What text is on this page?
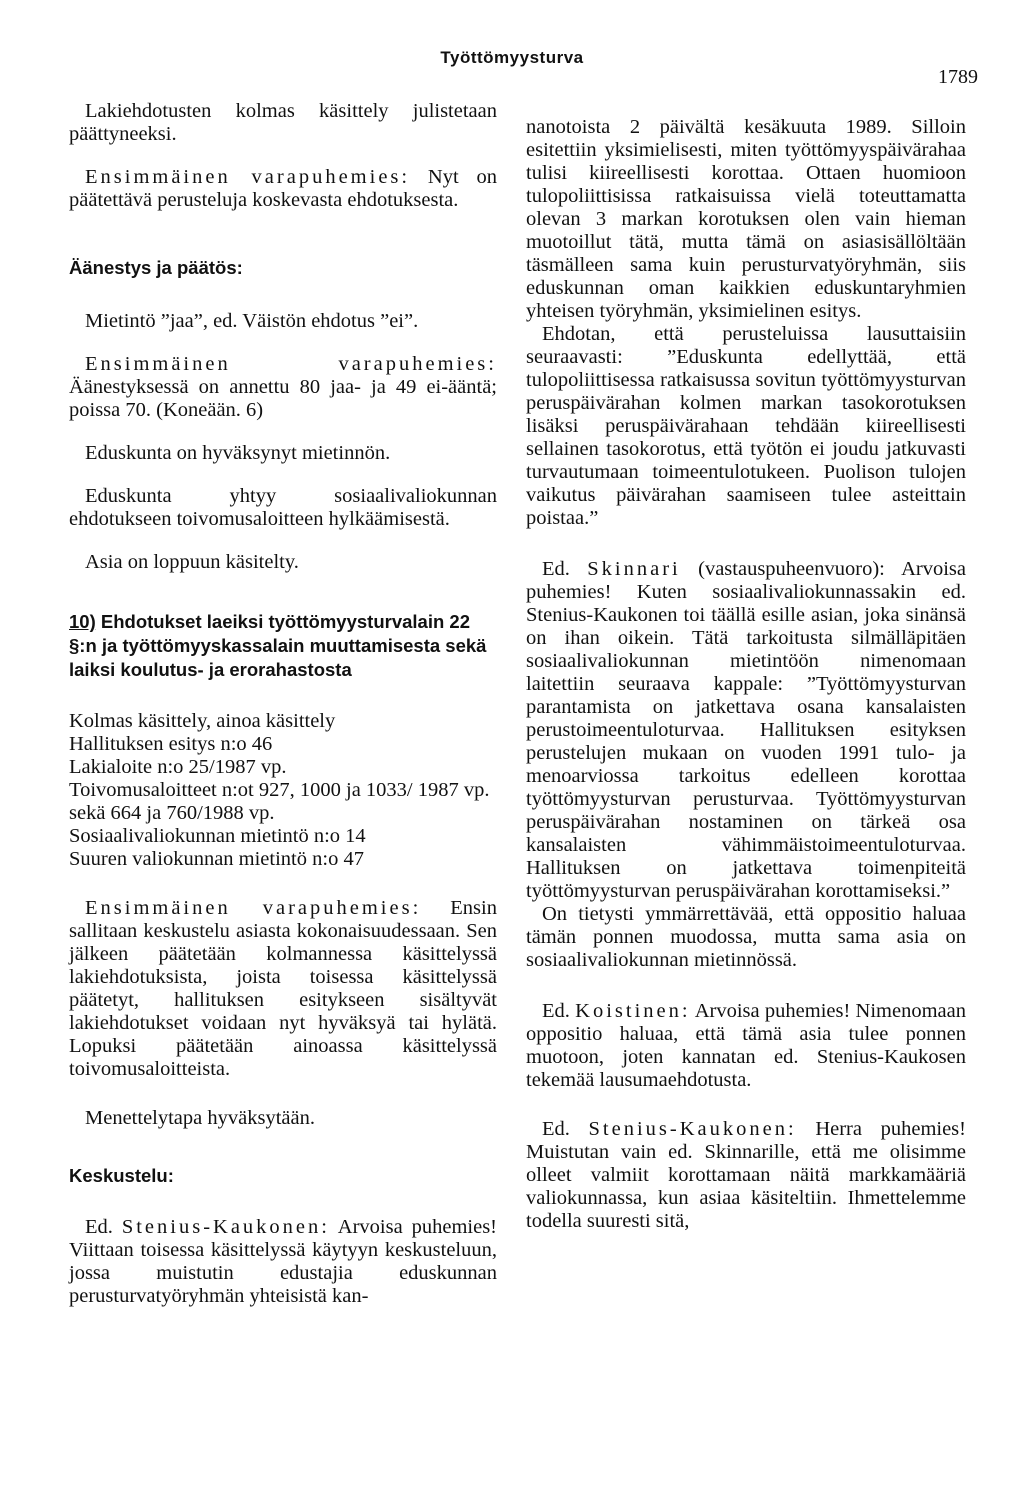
Työttömyysturva
1789

Lakiehdotusten kolmas käsittely julistetaan päättyneeksi.

Ensimmäinen varapuhemies: Nyt on päätettävä perusteluja koskevasta ehdotuksesta.

Äänestys ja päätös:

Mietintö ”jaa”, ed. Väistön ehdotus ”ei”.

Ensimmäinen varapuhemies: Äänestyksessä on annettu 80 jaa- ja 49 ei-ääntä; poissa 70. (Koneään. 6)

Eduskunta on hyväksynyt mietinnön.

Eduskunta yhtyy sosiaalivaliokunnan ehdotukseen toivomusaloitteen hylkäämisestä.

Asia on loppuun käsitelty.

10) Ehdotukset laeiksi työttömyysturvalain 22 §:n ja työttömyyskassalain muuttamisesta sekä laiksi koulutus- ja erorahastosta

Kolmas käsittely, ainoa käsittely
Hallituksen esitys n:o 46
Lakialoite n:o 25/1987 vp.
Toivomusaloitteet n:ot 927, 1000 ja 1033/ 1987 vp. sekä 664 ja 760/1988 vp.
Sosiaalivaliokunnan mietintö n:o 14
Suuren valiokunnan mietintö n:o 47

Ensimmäinen varapuhemies: Ensin sallitaan keskustelu asiasta kokonaisuudessaan. Sen jälkeen päätetään kolmannessa käsittelyssä lakiehdotuksista, joista toisessa käsittelyssä päätetyt, hallituksen esitykseen sisältyvät lakiehdotukset voidaan nyt hyväksyä tai hylätä. Lopuksi päätetään ainoassa käsittelyssä toivomusaloitteista.

Menettelytapa hyväksytään.

Keskustelu:

Ed. Stenius-Kaukonen: Arvoisa puhemies! Viittaan toisessa käsittelyssä käytyyn keskusteluun, jossa muistutin edustajia eduskunnan perusturvatyöryhmän yhteisistä kan-

nanotoista 2 päivältä kesäkuuta 1989. Silloin esitettiin yksimielisesti, miten työttömyyspäivärahaa tulisi kiireellisesti korottaa. Ottaen huomioon tulopoliittisissa ratkaisuissa vielä toteuttamatta olevan 3 markan korotuksen olen vain hieman muotoillut tätä, mutta tämä on asiasisällöltään täsmälleen sama kuin perusturvatyöryhmän, siis eduskunnan oman kaikkien eduskuntaryhmien yhteisen työryhmän, yksimielinen esitys.

Ehdotan, että perusteluissa lausuttaisiin seuraavasti: ”Eduskunta edellyttää, että tulopoliittisessa ratkaisussa sovitun työttömyysturvan peruspäivärahan kolmen markan tasokorotuksen lisäksi peruspäivärahaan tehdään kiireellisesti sellainen tasokorotus, että työtön ei joudu jatkuvasti turvautumaan toimeentulotukeen. Puolison tulojen vaikutus päivärahan saamiseen tulee asteittain poistaa.”

Ed. Skinnari (vastauspuheenvuoro): Arvoisa puhemies! Kuten sosiaalivaliokunnassakin ed. Stenius-Kaukonen toi täällä esille asian, joka sinänsä on ihan oikein. Tätä tarkoitusta silmälläpitäen sosiaalivaliokunnan mietintöön nimenomaan laitettiin seuraava kappale: ”Työttömyysturvan parantamista on jatkettava osana kansalaisten perustoimeentuloturvaa. Hallituksen esityksen perustelujen mukaan on vuoden 1991 tulo- ja menoarviossa tarkoitus edelleen korottaa työttömyysturvan perusturvaa. Työttömyysturvan peruspäivärahan nostaminen on tärkeä osa kansalaisten vähimmäistoimeentuloturvaa. Hallituksen on jatkettava toimenpiteitä työttömyysturvan peruspäivärahan korottamiseksi.”

On tietysti ymmärrettävää, että oppositio haluaa tämän ponnen muodossa, mutta sama asia on sosiaalivaliokunnan mietinnössä.

Ed. Koistinen: Arvoisa puhemies! Nimenomaan oppositio haluaa, että tämä asia tulee ponnen muotoon, joten kannatan ed. Stenius-Kaukosen tekemää lausumaehdotusta.

Ed. Stenius-Kaukonen: Herra puhemies! Muistutan vain ed. Skinnarille, että me olisimme olleet valmiit korottamaan näitä markkamääriä valiokunnassa, kun asiaa käsiteltiin. Ihmettelemme todella suuresti sitä,
